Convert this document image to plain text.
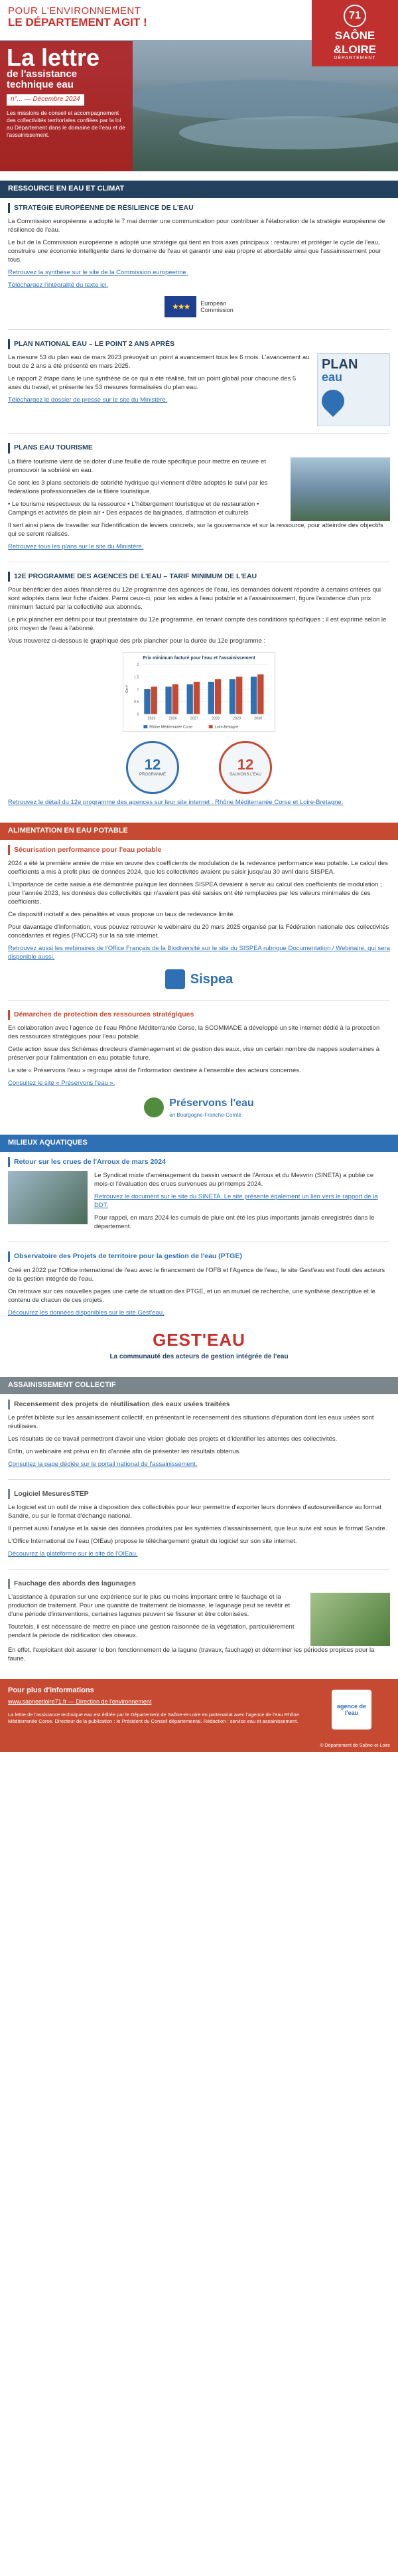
POUR L'ENVIRONNEMENT
LE DÉPARTEMENT AGIT !
La lettre
de l'assistance
technique eau
n°... — Décembre 2024
Les missions de conseil et accompagnement des collectivités territoriales confiées par la loi au Département dans le domaine de l'eau et de l'assainissement.
71
SAÔNE
&LOIRE
DÉPARTEMENT
RESSOURCE EN EAU ET CLIMAT
STRATÉGIE EUROPÉENNE DE RÉSILIENCE DE L'EAU
La Commission européenne a adopté le 7 mai dernier une communication pour contribuer à l'élaboration de la stratégie européenne de résilience de l'eau.
Le but de la Commission européenne a adopté une stratégie qui tient en trois axes principaux : restaurer et protéger le cycle de l'eau, construire une économie intelligente dans le domaine de l'eau et garantir une eau propre et abordable ainsi que l'assainissement pour tous.
Retrouvez la synthèse sur le site de la Commission européenne.
Téléchargez l'intégralité du texte ici.
★★★	European
Commission
PLAN NATIONAL EAU – LE POINT 2 ANS APRÈS
La mesure 53 du plan eau de mars 2023 prévoyait un point à avancement tous les 6 mois. L'avancement au bout de 2 ans a été présenté en mars 2025.
Le rapport 2 étape dans le une synthèse de ce qui a été réalisé, fait un point global pour chacune des 5 axes du travail, et présente les 53 mesures formalisées du plan eau.
Téléchargez le dossier de presse sur le site du Ministère.
PLAN
eau
PLANS EAU TOURISME
La filière tourisme vient de se doter d'une feuille de route spécifique pour mettre en œuvre et promouvoir la sobriété en eau.
Ce sont les 3 plans sectoriels de sobriété hydrique qui viennent d'être adoptés le suivi par les fédérations professionnelles de la filière touristique.
• Le tourisme respectueux de la ressource • L'hébergement touristique et de restauration • Campings et activités de plein air • Des espaces de baignades, d'attraction et culturels
Il sert ainsi plans de travailler sur l'identification de leviers concrets, sur la gouvernance et sur la ressource, pour atteindre des objectifs qui se seront réalisés.
Retrouvez tous les plans sur le site du Ministère.
12E PROGRAMME DES AGENCES DE L'EAU – TARIF MINIMUM DE L'EAU
Pour bénéficier des aides financières du 12e programme des agences de l'eau, les demandes doivent répondre à certains critères qui sont adoptés dans leur fiche d'aides. Parmi ceux-ci, pour les aides à l'eau potable et à l'assainissement, figure l'existence d'un prix minimum facturé par la collectivité aux abonnés.
Le prix plancher est défini pour tout prestataire du 12e programme, en tenant compte des conditions spécifiques ; il est exprimé selon le prix moyen de l'eau à l'abonné.
Vous trouverez ci-dessous le graphique des prix plancher pour la durée du 12e programme :
Prix minimum facturé pour l'eau et l'assainissement
€/m³
0
0.5
1
1.5
2
2025	2026	2027	2028	2029	2030
Rhône Méditerranée Corse	Loire-Bretagne
12
PROGRAMME
12
SAUVONS L'EAU
Retrouvez le détail du 12e programme des agences sur leur site internet : Rhône Méditerranée Corse et Loire-Bretagne.
ALIMENTATION EN EAU POTABLE
Sécurisation performance pour l'eau potable
2024 a été la première année de mise en œuvre des coefficients de modulation de la redevance performance eau potable. Le calcul des coefficients a mis à profit plus de données 2024, que les collectivités avaient pu saisir jusqu'au 30 avril dans SISPEA.
L'importance de cette saisie a été démontrée puisque les données SISPEA devaient à servir au calcul des coefficients de modulation ; pour l'année 2023, les données des collectivités qui n'avaient pas été saisies ont été remplacées par les valeurs minimales de ces coefficients.
Ce dispositif incitatif a des pénalités et vous propose un taux de redevance limité.
Pour davantage d'information, vous pouvez retrouver le webinaire du 20 mars 2025 organisé par la Fédération nationale des collectivités concédantes et régies (FNCCR) sur la sa site internet.
Retrouvez aussi les webinaires de l'Office Français de la Biodiversité sur le site du SISPEA rubrique Documentation / Webinaire, qui sera disponible aussi.
Sispea
Démarches de protection des ressources stratégiques
En collaboration avec l'agence de l'eau Rhône Méditerranée Corse, la SCOMMADE a développé un site internet dédié à la protection des ressources stratégiques pour l'eau potable.
Cette action issue des Schémas directeurs d'aménagement et de gestion des eaux, vise un certain nombre de nappes souterraines à préserver pour l'alimentation en eau potable future.
Le site « Préservons l'eau » regroupe ainsi de l'information destinée à l'ensemble des acteurs concernés.
Consultez le site « Préservons l'eau ».
Préservons l'eau
en Bourgogne-Franche-Comté
MILIEUX AQUATIQUES
Retour sur les crues de l'Arroux de mars 2024
Le Syndicat mixte d'aménagement du bassin versant de l'Arroux et du Mesvrin (SINETA) a publié ce mois-ci l'évaluation des crues survenues au printemps 2024.
Retrouvez le document sur le site du SINETA. Le site présente également un lien vers le rapport de la DDT.
Pour rappel, en mars 2024 les cumuls de pluie ont été les plus importants jamais enregistrés dans le département.
Observatoire des Projets de territoire pour la gestion de l'eau (PTGE)
Créé en 2022 par l'Office international de l'eau avec le financement de l'OFB et l'Agence de l'eau, le site Gest'eau est l'outil des acteurs de la gestion intégrée de l'eau.
On retrouve sur ces nouvelles pages une carte de situation des PTGE, et un an mutuel de recherche, une synthèse descriptive et le contenu de chacun de ces projets.
Découvrez les données disponibles sur le site Gest'eau.
GEST'EAU
La communauté des acteurs de gestion intégrée de l'eau
ASSAINISSEMENT COLLECTIF
Recensement des projets de réutilisation des eaux usées traitées
Le préfet bibliste sur les assainissement collectif, en présentant le recensement des situations d'épuration dont les eaux usées sont réutilisées.
Les résultats de ce travail permettront d'avoir une vision globale des projets et d'identifier les attentes des collectivités.
Enfin, un webinaire est prévu en fin d'année afin de présenter les résultats obtenus.
Consultez la page dédiée sur le portail national de l'assainissement.
Logiciel MesuresSTEP
Le logiciel est un outil de mise à disposition des collectivités pour leur permettre d'exporter leurs données d'autosurveillance au format Sandre, ou sur le format d'échange national.
Il permet aussi l'analyse et la saisie des données produites par les systèmes d'assainissement, que leur suivi est sous le format Sandre.
L'Office International de l'eau (OIEau) propose le téléchargement gratuit du logiciel sur son site internet.
Découvrez la plateforme sur le site de l'OIEau.
Fauchage des abords des lagunages
L'assistance à épuration sur une expérience sur le plus ou moins important entre le fauchage et la production de traitement. Pour une quantité de traitement de biomasse, le lagunage peut se revêtir et d'une période d'interventions, certaines lagunes peuvent se fissurer et être colonisées.
Toutefois, il est nécessaire de mettre en place une gestion raisonnée de la végétation, particulièrement pendant la période de nidification des oiseaux.
En effet, l'exploitant doit assurer le bon fonctionnement de la lagune (travaux, fauchage) et déterminer les périodes propices pour la faune.
Pour plus d'informations
www.saoneetloire71.fr — Direction de l'environnement
La lettre de l'assistance technique eau est éditée par le Département de Saône-et-Loire en partenariat avec l'agence de l'eau Rhône Méditerranée Corse. Directeur de la publication : le Président du Conseil départemental. Rédaction : service eau et assainissement.
agence de l'eau
© Département de Saône-et-Loire
